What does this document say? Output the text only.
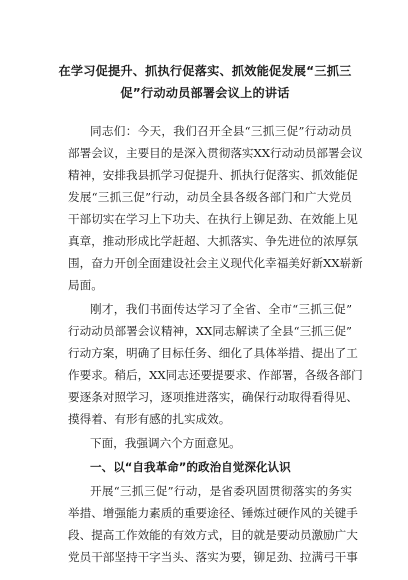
在学习促提升、抓执行促落实、抓效能促发展“三抓三
促”行动动员部署会议上的讲话
同志们：今天，我们召开全县“三抓三促”行动动员
部署会议，主要目的是深入贯彻落实XX行动动员部署会议
精神，安排我县抓学习促提升、抓执行促落实、抓效能促
发展“三抓三促”行动，动员全县各级各部门和广大党员
干部切实在学习上下功夫、在执行上铆足劲、在效能上见
真章，推动形成比学赶超、大抓落实、争先进位的浓厚氛
围，奋力开创全面建设社会主义现代化幸福美好新XX崭新
局面。
刚才，我们书面传达学习了全省、全市“三抓三促”
行动动员部署会议精神，XX同志解读了全县“三抓三促”
行动方案，明确了目标任务、细化了具体举措、提出了工
作要求。稍后，XX同志还要提要求、作部署，各级各部门
要逐条对照学习，逐项推进落实，确保行动取得看得见、
摸得着、有形有感的扎实成效。
下面，我强调六个方面意见。
一、以“自我革命”的政治自觉深化认识
开展“三抓三促”行动，是省委巩固贯彻落实的务实
举措、增强能力素质的重要途径、锤炼过硬作风的关键手
段、提高工作效能的有效方式，目的就是要动员激励广大
党员干部坚持干字当头、落实为要，铆足劲、拉满弓干事
